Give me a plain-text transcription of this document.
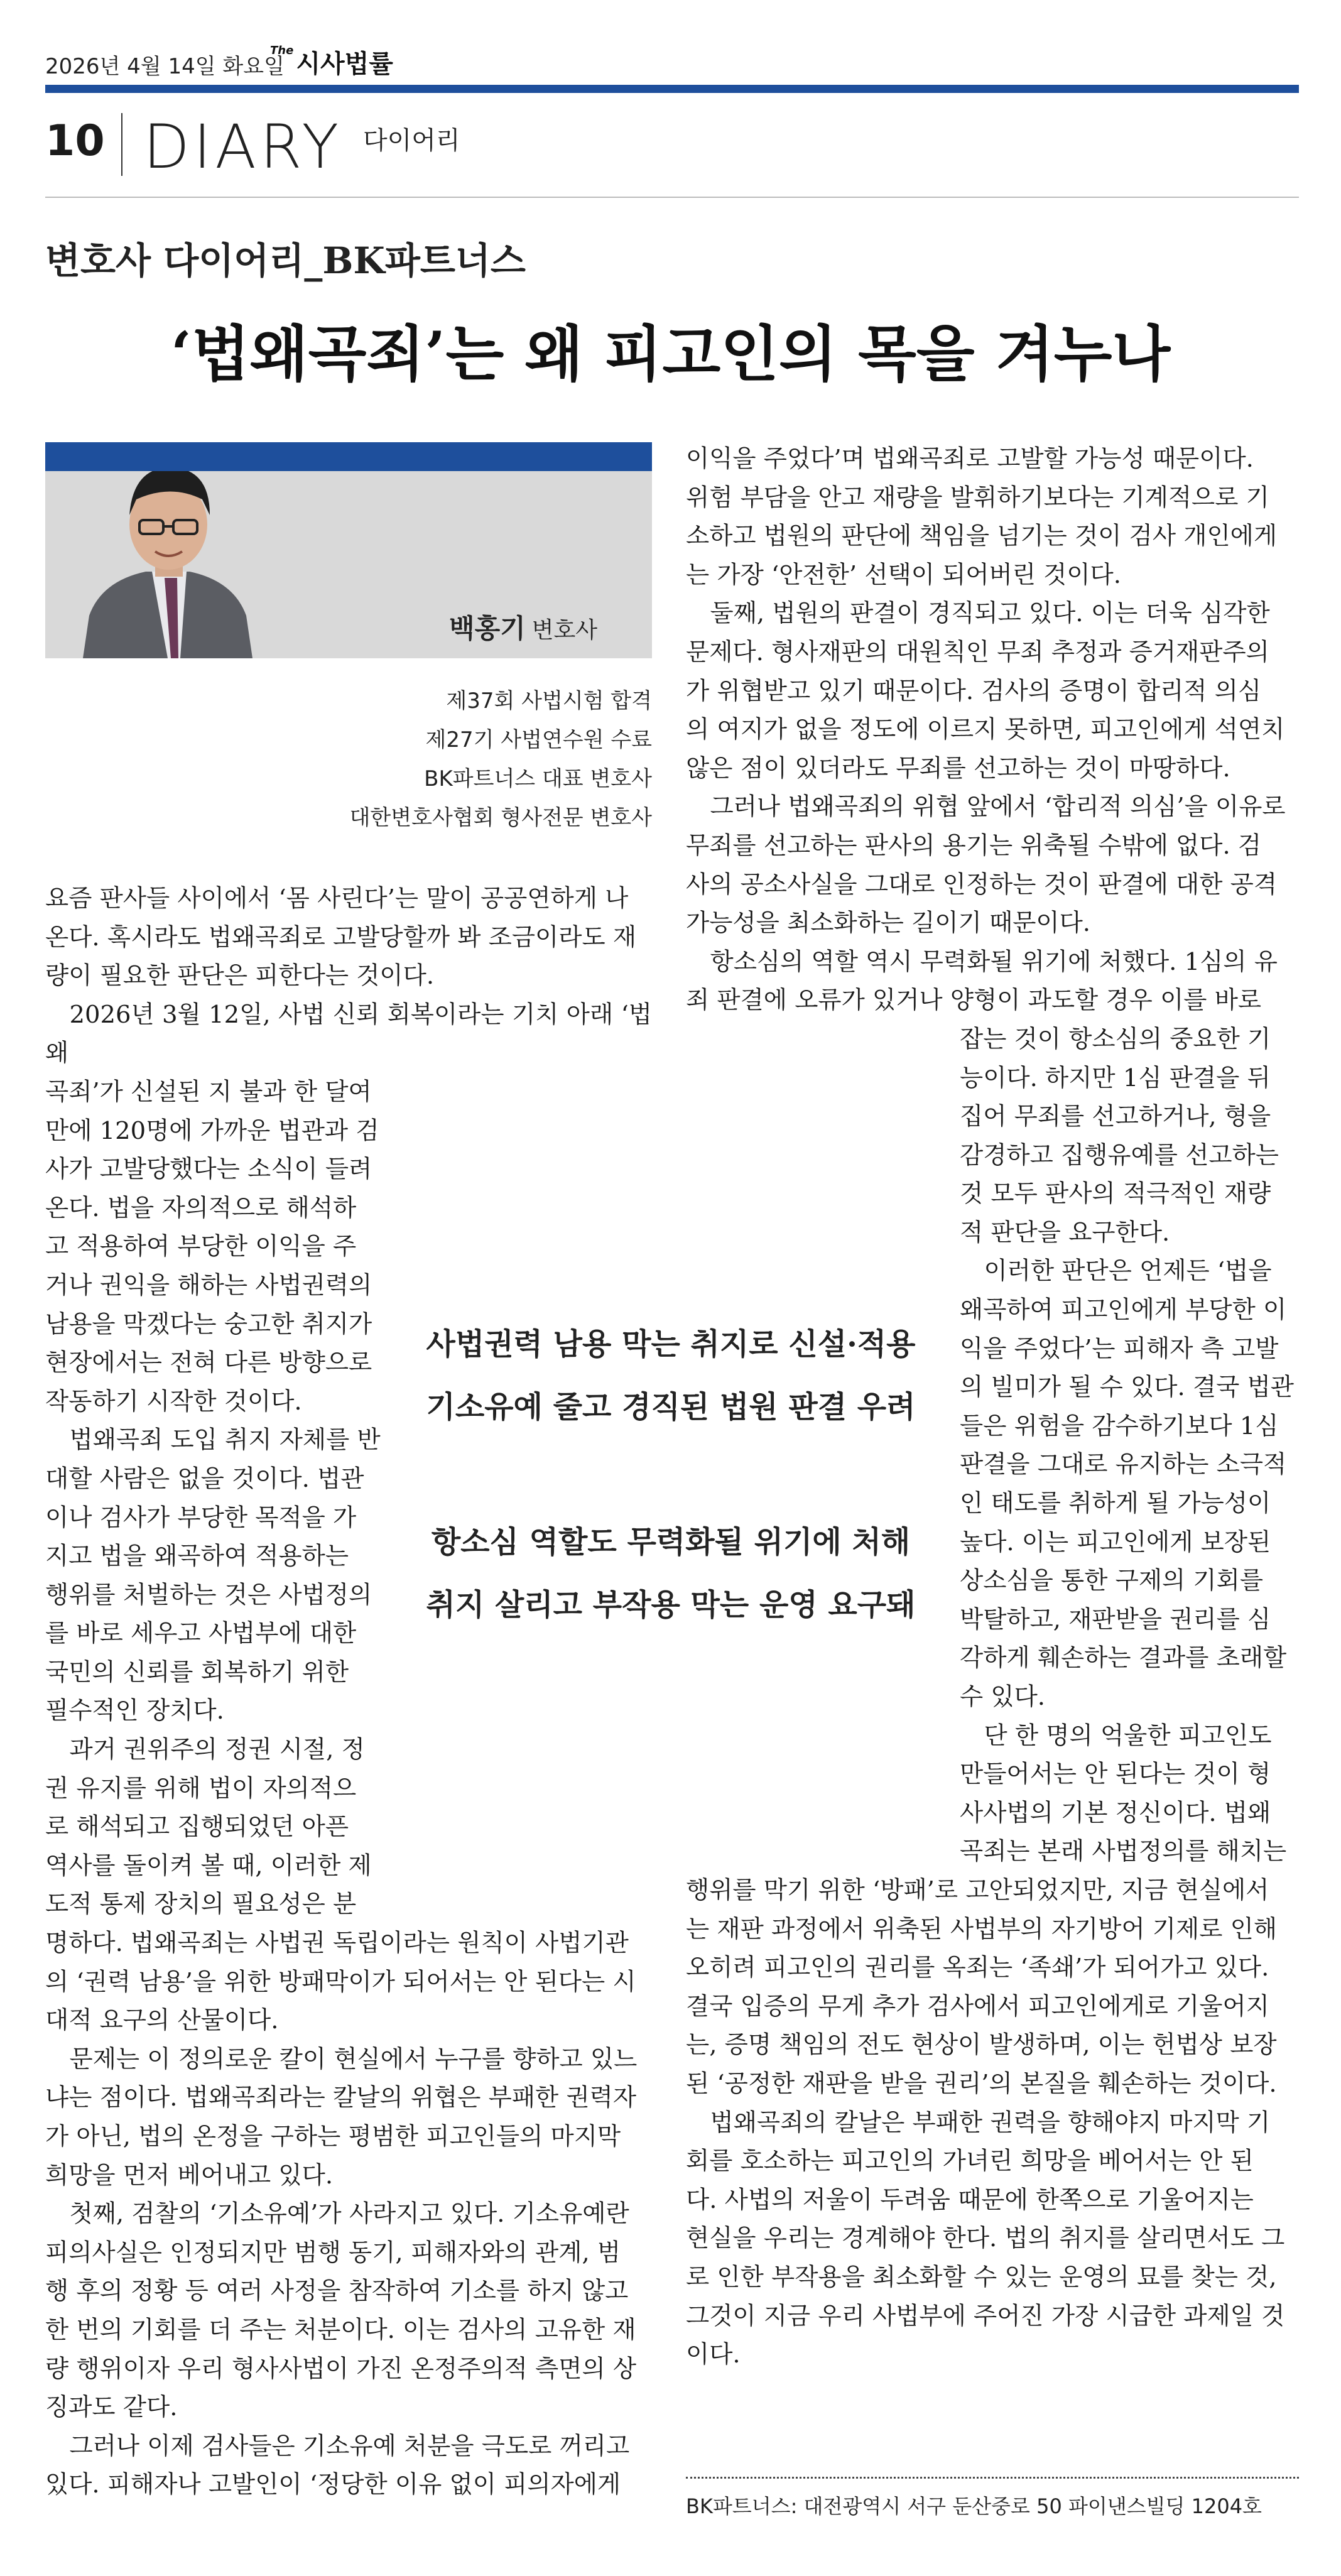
2026년 4월 14일 화요일
$^{The}$ 시사법률
10 DIARY 다이어리
변호사 다이어리_BK파트너스
‘법왜곡죄’는 왜 피고인의 목을 겨누나
백홍기 변호사
제37회 사법시험 합격
제27기 사법연수원 수료
BK파트너스 대표 변호사
대한변호사협회 형사전문 변호사
사법권력 남용 막는 취지로 신설·적용
기소유예 줄고 경직된 법원 판결 우려
항소심 역할도 무력화될 위기에 처해
취지 살리고 부작용 막는 운영 요구돼

요즘 판사들 사이에서 ‘몸 사린다’는 말이 공공연하게 나

온다. 혹시라도 법왜곡죄로 고발당할까 봐 조금이라도 재

량이 필요한 판단은 피한다는 것이다.

2026년 3월 12일, 사법 신뢰 회복이라는 기치 아래 ‘법왜

곡죄’가 신설된 지 불과 한 달여

만에 120명에 가까운 법관과 검

사가 고발당했다는 소식이 들려

온다. 법을 자의적으로 해석하

고 적용하여 부당한 이익을 주

거나 권익을 해하는 사법권력의

남용을 막겠다는 숭고한 취지가

현장에서는 전혀 다른 방향으로

작동하기 시작한 것이다.

법왜곡죄 도입 취지 자체를 반

대할 사람은 없을 것이다. 법관

이나 검사가 부당한 목적을 가

지고 법을 왜곡하여 적용하는

행위를 처벌하는 것은 사법정의

를 바로 세우고 사법부에 대한

국민의 신뢰를 회복하기 위한

필수적인 장치다.

과거 권위주의 정권 시절, 정

권 유지를 위해 법이 자의적으

로 해석되고 집행되었던 아픈

역사를 돌이켜 볼 때, 이러한 제

도적 통제 장치의 필요성은 분

명하다. 법왜곡죄는 사법권 독립이라는 원칙이 사법기관

의 ‘권력 남용’을 위한 방패막이가 되어서는 안 된다는 시

대적 요구의 산물이다.

문제는 이 정의로운 칼이 현실에서 누구를 향하고 있느

냐는 점이다. 법왜곡죄라는 칼날의 위협은 부패한 권력자

가 아닌, 법의 온정을 구하는 평범한 피고인들의 마지막

희망을 먼저 베어내고 있다.

첫째, 검찰의 ‘기소유예’가 사라지고 있다. 기소유예란

피의사실은 인정되지만 범행 동기, 피해자와의 관계, 범

행 후의 정황 등 여러 사정을 참작하여 기소를 하지 않고

한 번의 기회를 더 주는 처분이다. 이는 검사의 고유한 재

량 행위이자 우리 형사사법이 가진 온정주의적 측면의 상

징과도 같다.

그러나 이제 검사들은 기소유예 처분을 극도로 꺼리고

있다. 피해자나 고발인이 ‘정당한 이유 없이 피의자에게

이익을 주었다’며 법왜곡죄로 고발할 가능성 때문이다.

위험 부담을 안고 재량을 발휘하기보다는 기계적으로 기

소하고 법원의 판단에 책임을 넘기는 것이 검사 개인에게

는 가장 ‘안전한’ 선택이 되어버린 것이다.

둘째, 법원의 판결이 경직되고 있다. 이는 더욱 심각한

문제다. 형사재판의 대원칙인 무죄 추정과 증거재판주의

가 위협받고 있기 때문이다. 검사의 증명이 합리적 의심

의 여지가 없을 정도에 이르지 못하면, 피고인에게 석연치

않은 점이 있더라도 무죄를 선고하는 것이 마땅하다.

그러나 법왜곡죄의 위협 앞에서 ‘합리적 의심’을 이유로

무죄를 선고하는 판사의 용기는 위축될 수밖에 없다. 검

사의 공소사실을 그대로 인정하는 것이 판결에 대한 공격

가능성을 최소화하는 길이기 때문이다.

항소심의 역할 역시 무력화될 위기에 처했다. 1심의 유

죄 판결에 오류가 있거나 양형이 과도할 경우 이를 바로

잡는 것이 항소심의 중요한 기

능이다. 하지만 1심 판결을 뒤

집어 무죄를 선고하거나, 형을

감경하고 집행유예를 선고하는

것 모두 판사의 적극적인 재량

적 판단을 요구한다.

이러한 판단은 언제든 ‘법을

왜곡하여 피고인에게 부당한 이

익을 주었다’는 피해자 측 고발

의 빌미가 될 수 있다. 결국 법관

들은 위험을 감수하기보다 1심

판결을 그대로 유지하는 소극적

인 태도를 취하게 될 가능성이

높다. 이는 피고인에게 보장된

상소심을 통한 구제의 기회를

박탈하고, 재판받을 권리를 심

각하게 훼손하는 결과를 초래할

수 있다.

단 한 명의 억울한 피고인도

만들어서는 안 된다는 것이 형

사사법의 기본 정신이다. 법왜

곡죄는 본래 사법정의를 해치는

행위를 막기 위한 ‘방패’로 고안되었지만, 지금 현실에서

는 재판 과정에서 위축된 사법부의 자기방어 기제로 인해

오히려 피고인의 권리를 옥죄는 ‘족쇄’가 되어가고 있다.

결국 입증의 무게 추가 검사에서 피고인에게로 기울어지

는, 증명 책임의 전도 현상이 발생하며, 이는 헌법상 보장

된 ‘공정한 재판을 받을 권리’의 본질을 훼손하는 것이다.

법왜곡죄의 칼날은 부패한 권력을 향해야지 마지막 기

회를 호소하는 피고인의 가녀린 희망을 베어서는 안 된

다. 사법의 저울이 두려움 때문에 한쪽으로 기울어지는

현실을 우리는 경계해야 한다. 법의 취지를 살리면서도 그

로 인한 부작용을 최소화할 수 있는 운영의 묘를 찾는 것,

그것이 지금 우리 사법부에 주어진 가장 시급한 과제일 것

이다.

BK파트너스: 대전광역시 서구 둔산중로 50 파이낸스빌딩 1204호
